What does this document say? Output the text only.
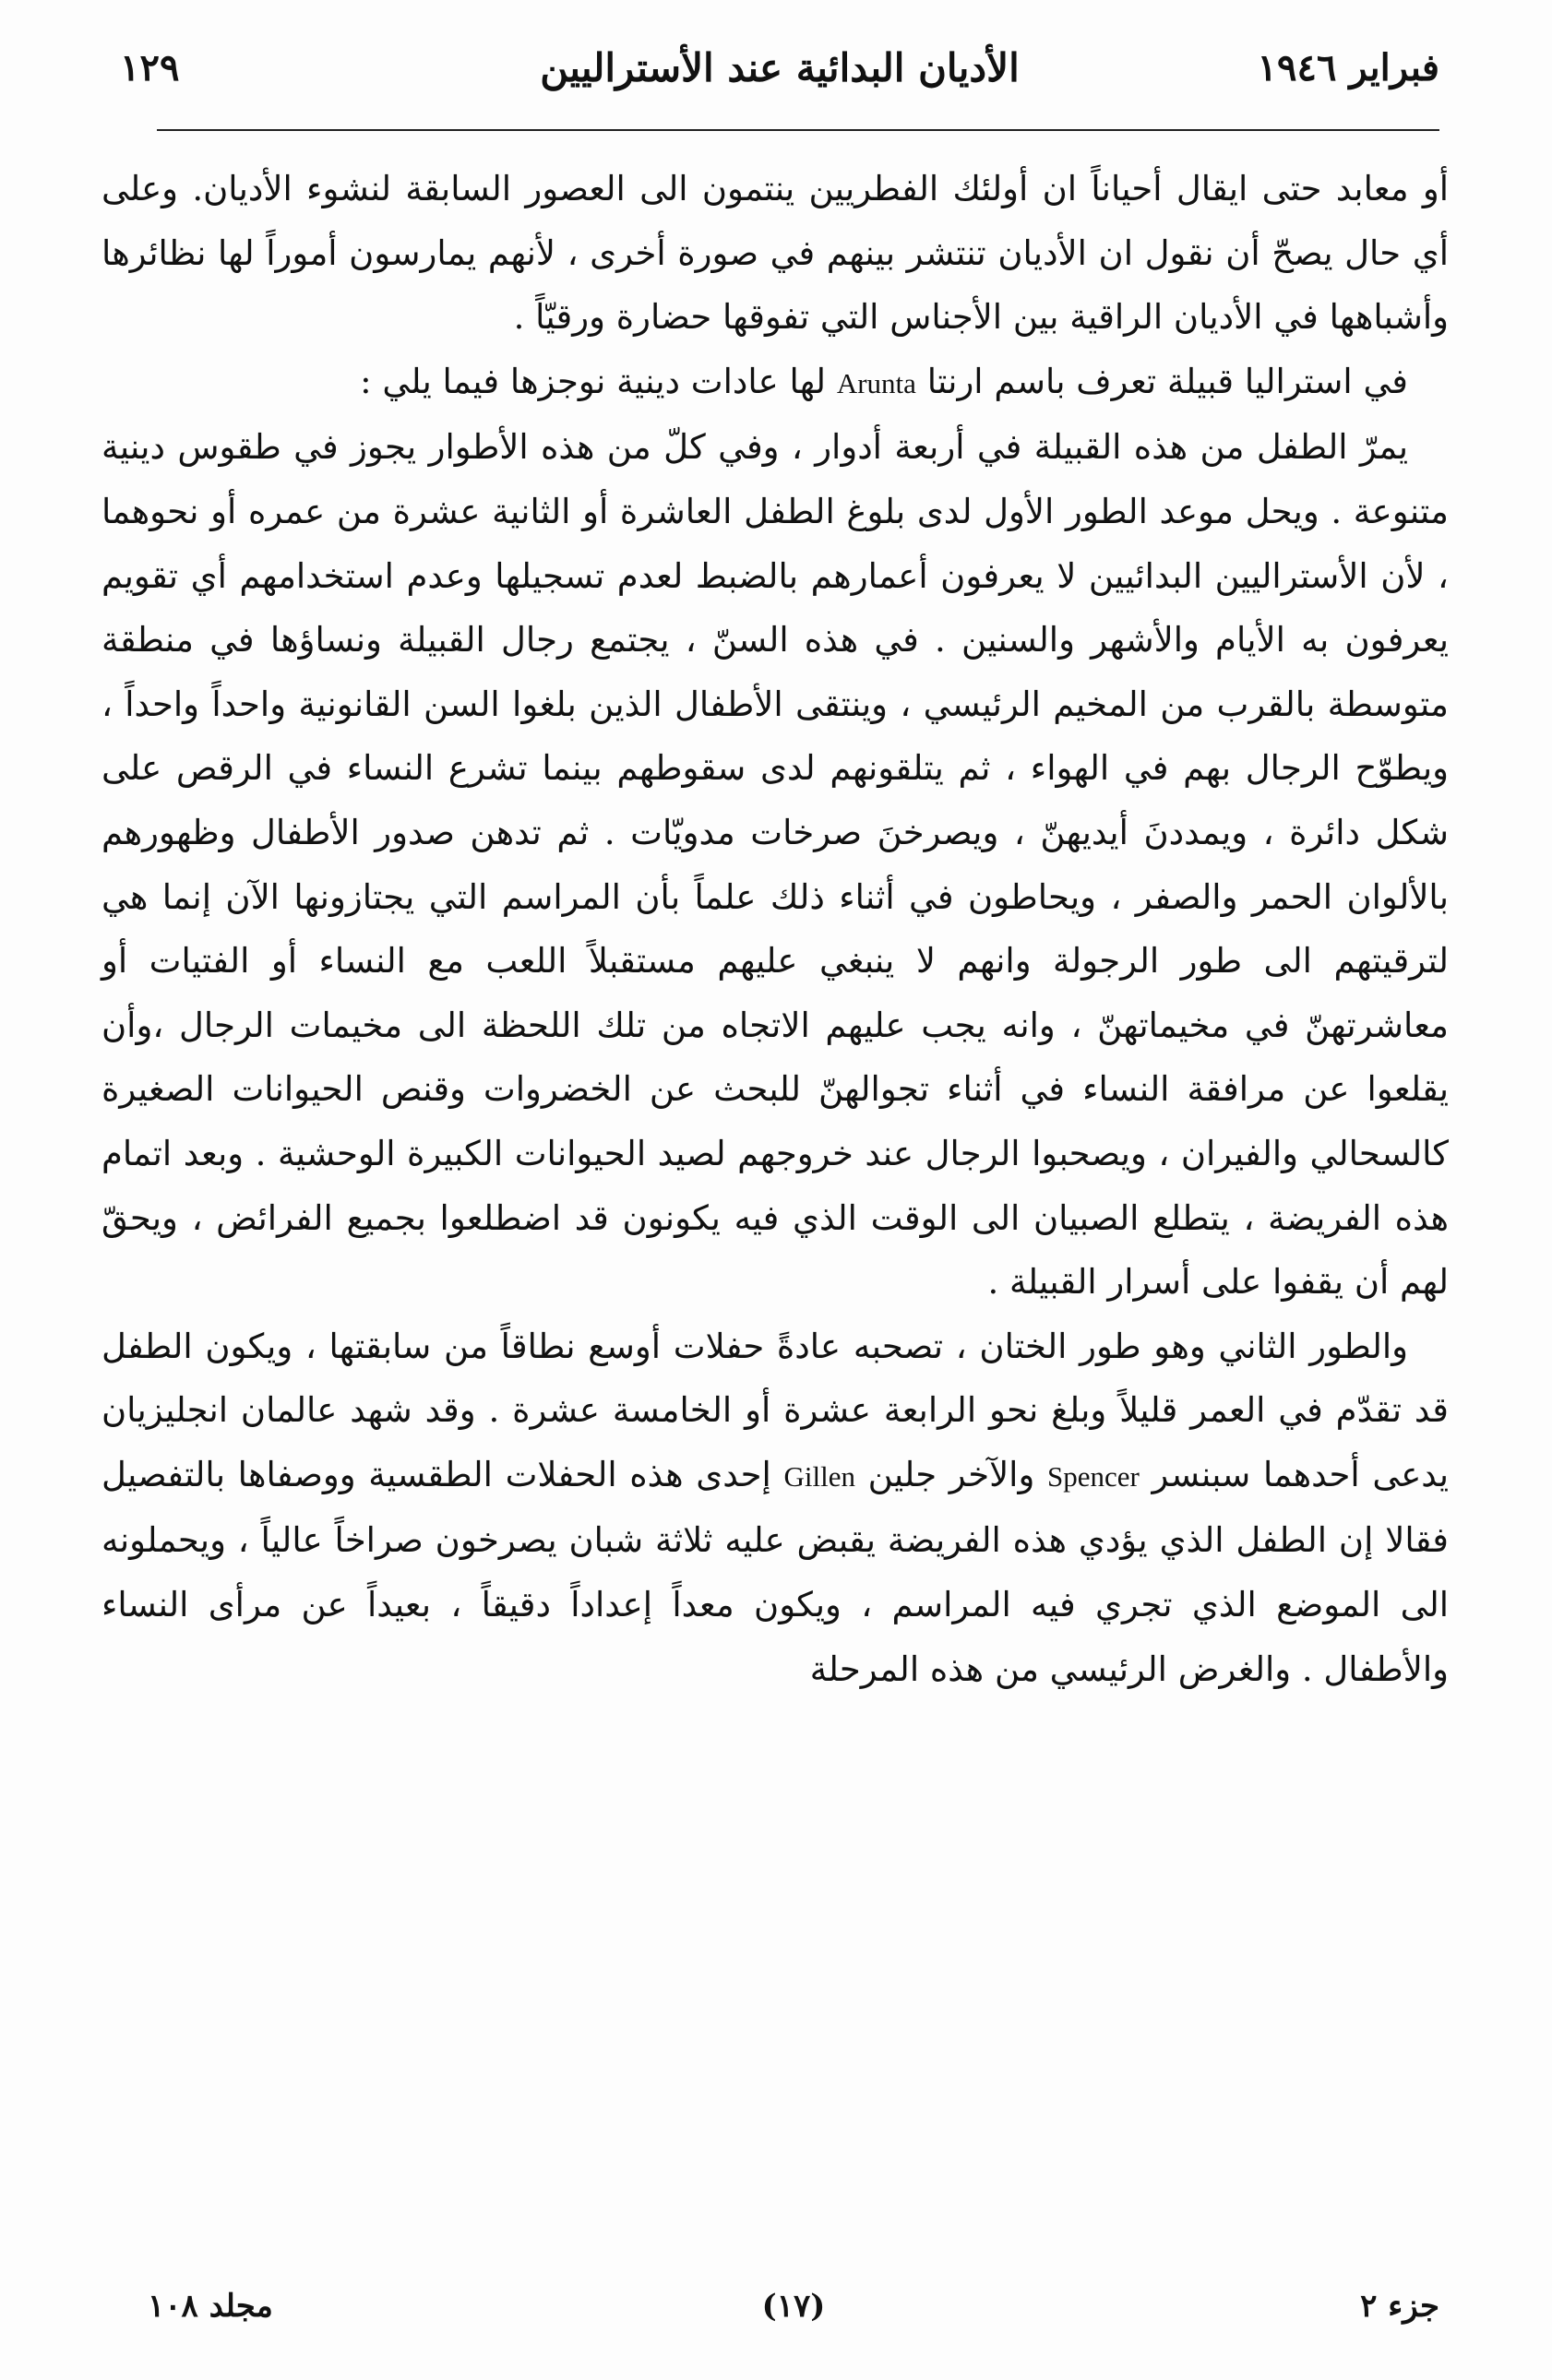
فبراير ١٩٤٦
الأديان البدائية عند الأستراليين
١٢٩

أو معابد حتى ايقال أحياناً ان أولئك الفطريين ينتمون الى العصور السابقة لنشوء الأديان. وعلى أي حال يصحّ أن نقول ان الأديان تنتشر بينهم في صورة أخرى ، لأنهم يمارسون أموراً لها نظائرها وأشباهها في الأديان الراقية بين الأجناس التي تفوقها حضارة ورقيّاً .

في استراليا قبيلة تعرف باسم ارنتا Arunta لها عادات دينية نوجزها فيما يلي :

يمرّ الطفل من هذه القبيلة في أربعة أدوار ، وفي كلّ من هذه الأطوار يجوز في طقوس دينية متنوعة . ويحل موعد الطور الأول لدى بلوغ الطفل العاشرة أو الثانية عشرة من عمره أو نحوهما ، لأن الأستراليين البدائيين لا يعرفون أعمارهم بالضبط لعدم تسجيلها وعدم استخدامهم أي تقويم يعرفون به الأيام والأشهر والسنين . في هذه السنّ ، يجتمع رجال القبيلة ونساؤها في منطقة متوسطة بالقرب من المخيم الرئيسي ، وينتقى الأطفال الذين بلغوا السن القانونية واحداً واحداً ، ويطوّح الرجال بهم في الهواء ، ثم يتلقونهم لدى سقوطهم بينما تشرع النساء في الرقص على شكل دائرة ، ويمددنَ أيديهنّ ، ويصرخنَ صرخات مدويّات . ثم تدهن صدور الأطفال وظهورهم بالألوان الحمر والصفر ، ويحاطون في أثناء ذلك علماً بأن المراسم التي يجتازونها الآن إنما هي لترقيتهم الى طور الرجولة وانهم لا ينبغي عليهم مستقبلاً اللعب مع النساء أو الفتيات أو معاشرتهنّ في مخيماتهنّ ، وانه يجب عليهم الاتجاه من تلك اللحظة الى مخيمات الرجال ،وأن يقلعوا عن مرافقة النساء في أثناء تجوالهنّ للبحث عن الخضروات وقنص الحيوانات الصغيرة كالسحالي والفيران ، ويصحبوا الرجال عند خروجهم لصيد الحيوانات الكبيرة الوحشية . وبعد اتمام هذه الفريضة ، يتطلع الصبيان الى الوقت الذي فيه يكونون قد اضطلعوا بجميع الفرائض ، ويحقّ لهم أن يقفوا على أسرار القبيلة .

والطور الثاني وهو طور الختان ، تصحبه عادةً حفلات أوسع نطاقاً من سابقتها ، ويكون الطفل قد تقدّم في العمر قليلاً وبلغ نحو الرابعة عشرة أو الخامسة عشرة . وقد شهد عالمان انجليزيان يدعى أحدهما سبنسر Spencer والآخر جلين Gillen إحدى هذه الحفلات الطقسية ووصفاها بالتفصيل فقالا إن الطفل الذي يؤدي هذه الفريضة يقبض عليه ثلاثة شبان يصرخون صراخاً عالياً ، ويحملونه الى الموضع الذي تجري فيه المراسم ، ويكون معداً إعداداً دقيقاً ، بعيداً عن مرأى النساء والأطفال . والغرض الرئيسي من هذه المرحلة

جزء ٢
(١٧)
مجلد ١٠٨
